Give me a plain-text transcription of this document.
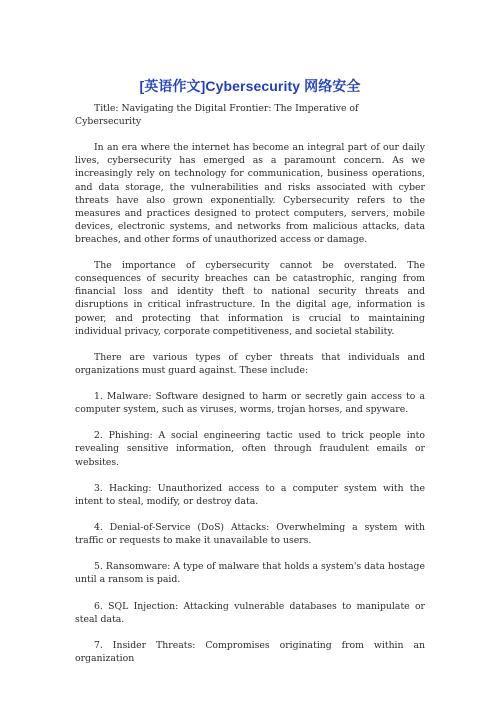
[英语作文]Cybersecurity 网络安全

Title: Navigating the Digital Frontier: The Imperative of Cybersecurity

In an era where the internet has become an integral part of our daily lives, cybersecurity has emerged as a paramount concern. As we increasingly rely on technology for communication, business operations, and data storage, the vulnerabilities and risks associated with cyber threats have also grown exponentially. Cybersecurity refers to the measures and practices designed to protect computers, servers, mobile devices, electronic systems, and networks from malicious attacks, data breaches, and other forms of unauthorized access or damage.

The importance of cybersecurity cannot be overstated. The consequences of security breaches can be catastrophic, ranging from financial loss and identity theft to national security threats and disruptions in critical infrastructure. In the digital age, information is power, and protecting that information is crucial to maintaining individual privacy, corporate competitiveness, and societal stability.

There are various types of cyber threats that individuals and organizations must guard against. These include:

1. Malware: Software designed to harm or secretly gain access to a computer system, such as viruses, worms, trojan horses, and spyware.

2. Phishing: A social engineering tactic used to trick people into revealing sensitive information, often through fraudulent emails or websites.

3. Hacking: Unauthorized access to a computer system with the intent to steal, modify, or destroy data.

4. Denial-of-Service (DoS) Attacks: Overwhelming a system with traffic or requests to make it unavailable to users.

5. Ransomware: A type of malware that holds a system's data hostage until a ransom is paid.

6. SQL Injection: Attacking vulnerable databases to manipulate or steal data.

7. Insider Threats: Compromises originating from within an organization
